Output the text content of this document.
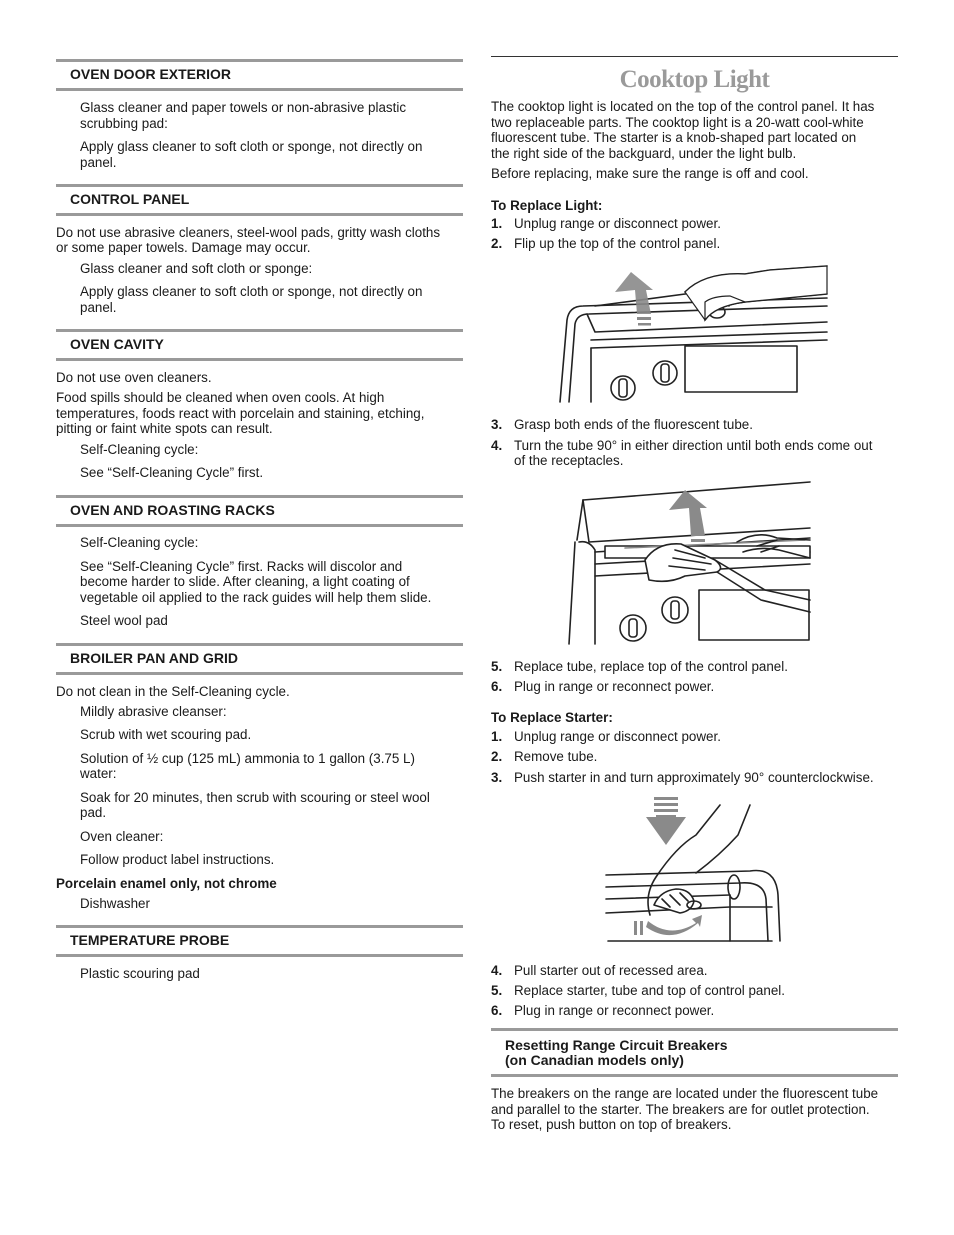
OVEN DOOR EXTERIOR
Glass cleaner and paper towels or non-abrasive plastic
scrubbing pad:
Apply glass cleaner to soft cloth or sponge, not directly on
panel.
CONTROL PANEL
Do not use abrasive cleaners, steel-wool pads, gritty wash cloths
or some paper towels. Damage may occur.
Glass cleaner and soft cloth or sponge:
Apply glass cleaner to soft cloth or sponge, not directly on
panel.
OVEN CAVITY
Do not use oven cleaners.
Food spills should be cleaned when oven cools. At high
temperatures, foods react with porcelain and staining, etching,
pitting or faint white spots can result.
Self-Cleaning cycle:
See “Self-Cleaning Cycle” first.
OVEN AND ROASTING RACKS
Self-Cleaning cycle:
See “Self-Cleaning Cycle” first. Racks will discolor and
become harder to slide. After cleaning, a light coating of
vegetable oil applied to the rack guides will help them slide.
Steel wool pad
BROILER PAN AND GRID
Do not clean in the Self-Cleaning cycle.
Mildly abrasive cleanser:
Scrub with wet scouring pad.
Solution of ½ cup (125 mL) ammonia to 1 gallon (3.75 L)
water:
Soak for 20 minutes, then scrub with scouring or steel wool
pad.
Oven cleaner:
Follow product label instructions.
Porcelain enamel only, not chrome
Dishwasher
TEMPERATURE PROBE
Plastic scouring pad
Cooktop Light
The cooktop light is located on the top of the control panel. It has
two replaceable parts. The cooktop light is a 20-watt cool-white
fluorescent tube. The starter is a knob-shaped part located on
the right side of the backguard, under the light bulb.
Before replacing, make sure the range is off and cool.
To Replace Light:
1. Unplug range or disconnect power.
2. Flip up the top of the control panel.
3. Grasp both ends of the fluorescent tube.
4. Turn the tube 90° in either direction until both ends come out
of the receptacles.
5. Replace tube, replace top of the control panel.
6. Plug in range or reconnect power.
To Replace Starter:
1. Unplug range or disconnect power.
2. Remove tube.
3. Push starter in and turn approximately 90° counterclockwise.
4. Pull starter out of recessed area.
5. Replace starter, tube and top of control panel.
6. Plug in range or reconnect power.
Resetting Range Circuit Breakers
(on Canadian models only)
The breakers on the range are located under the fluorescent tube
and parallel to the starter. The breakers are for outlet protection.
To reset, push button on top of breakers.
